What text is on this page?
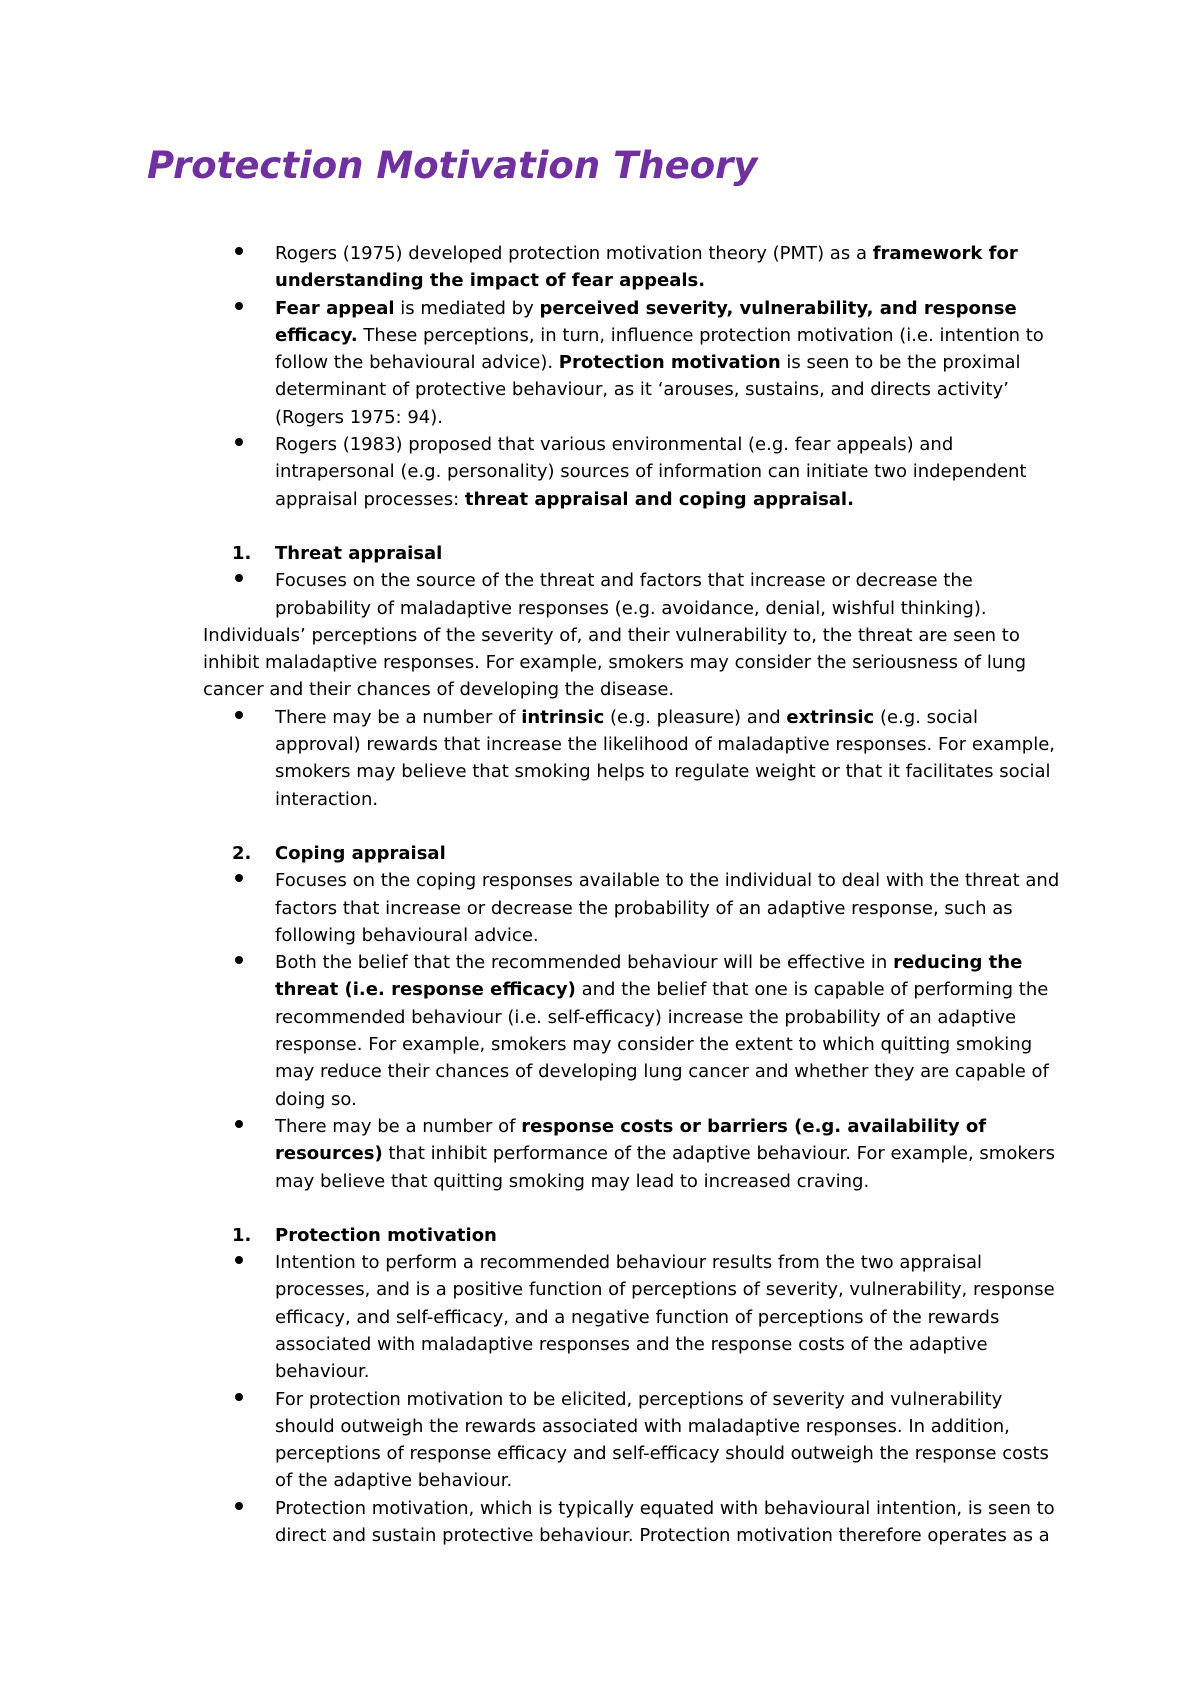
Protection Motivation Theory
Rogers (1975) developed protection motivation theory (PMT) as a framework for understanding the impact of fear appeals.
Fear appeal is mediated by perceived severity, vulnerability, and response efficacy. These perceptions, in turn, influence protection motivation (i.e. intention to follow the behavioural advice). Protection motivation is seen to be the proximal determinant of protective behaviour, as it ‘arouses, sustains, and directs activity’ (Rogers 1975: 94).
Rogers (1983) proposed that various environmental (e.g. fear appeals) and intrapersonal (e.g. personality) sources of information can initiate two independent appraisal processes: threat appraisal and coping appraisal.
1.	Threat appraisal
Focuses on the source of the threat and factors that increase or decrease the probability of maladaptive responses (e.g. avoidance, denial, wishful thinking).
Individuals’ perceptions of the severity of, and their vulnerability to, the threat are seen to inhibit maladaptive responses. For example, smokers may consider the seriousness of lung cancer and their chances of developing the disease.
There may be a number of intrinsic (e.g. pleasure) and extrinsic (e.g. social approval) rewards that increase the likelihood of maladaptive responses. For example, smokers may believe that smoking helps to regulate weight or that it facilitates social interaction.
2.	Coping appraisal
Focuses on the coping responses available to the individual to deal with the threat and factors that increase or decrease the probability of an adaptive response, such as following behavioural advice.
Both the belief that the recommended behaviour will be effective in reducing the threat (i.e. response efficacy) and the belief that one is capable of performing the recommended behaviour (i.e. self-efficacy) increase the probability of an adaptive response. For example, smokers may consider the extent to which quitting smoking may reduce their chances of developing lung cancer and whether they are capable of doing so.
There may be a number of response costs or barriers (e.g. availability of resources) that inhibit performance of the adaptive behaviour. For example, smokers may believe that quitting smoking may lead to increased craving.
1.	Protection motivation
Intention to perform a recommended behaviour results from the two appraisal processes, and is a positive function of perceptions of severity, vulnerability, response efficacy, and self-efficacy, and a negative function of perceptions of the rewards associated with maladaptive responses and the response costs of the adaptive behaviour.
For protection motivation to be elicited, perceptions of severity and vulnerability should outweigh the rewards associated with maladaptive responses. In addition, perceptions of response efficacy and self-efficacy should outweigh the response costs of the adaptive behaviour.
Protection motivation, which is typically equated with behavioural intention, is seen to direct and sustain protective behaviour. Protection motivation therefore operates as a
